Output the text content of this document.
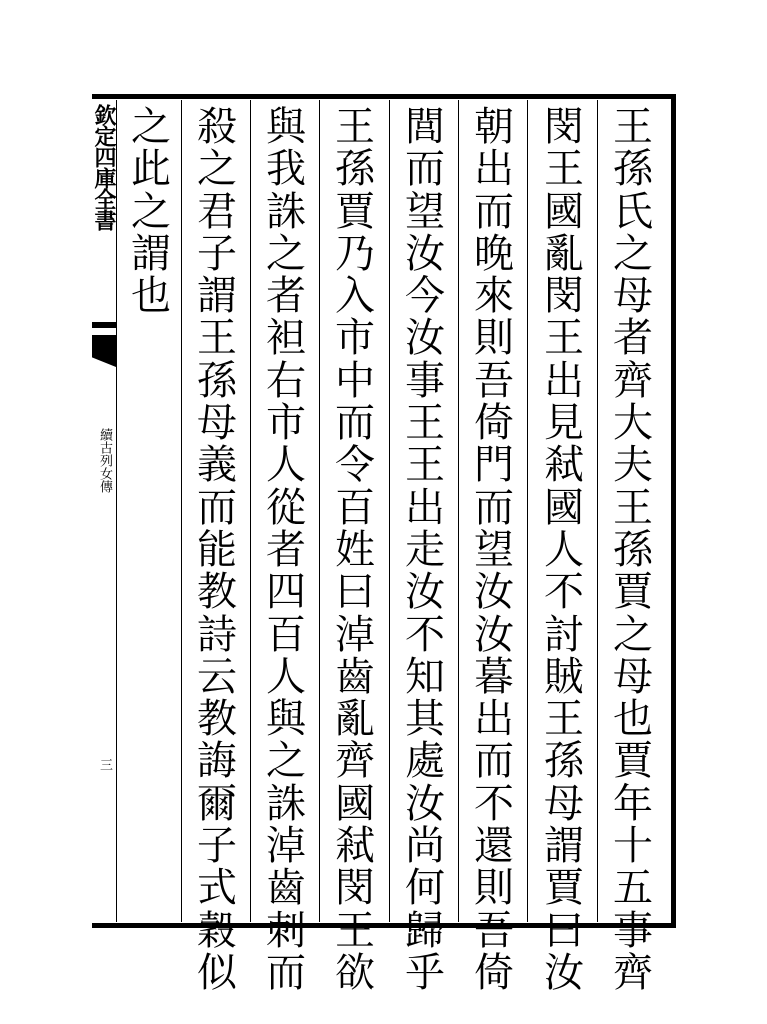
欽定四庫全書
續古列女傳
三
王
孫
氏
之
母
者
齊
大
夫
王
孫
賈
之
母
也
賈
年
十
五
事
齊
閔
王
國
亂
閔
王
出
見
弒
國
人
不
討
賊
王
孫
母
謂
賈
曰
汝
朝
出
而
晚
來
則
吾
倚
門
而
望
汝
汝
暮
出
而
不
還
則
吾
倚
閭
而
望
汝
今
汝
事
王
王
出
走
汝
不
知
其
處
汝
尚
何
歸
乎
王
孫
賈
乃
入
市
中
而
令
百
姓
曰
淖
齒
亂
齊
國
弒
閔
王
欲
與
我
誅
之
者
袒
右
市
人
從
者
四
百
人
與
之
誅
淖
齒
刺
而
殺
之
君
子
謂
王
孫
母
義
而
能
教
詩
云
教
誨
爾
子
式
穀
似
之
此
之
謂
也
